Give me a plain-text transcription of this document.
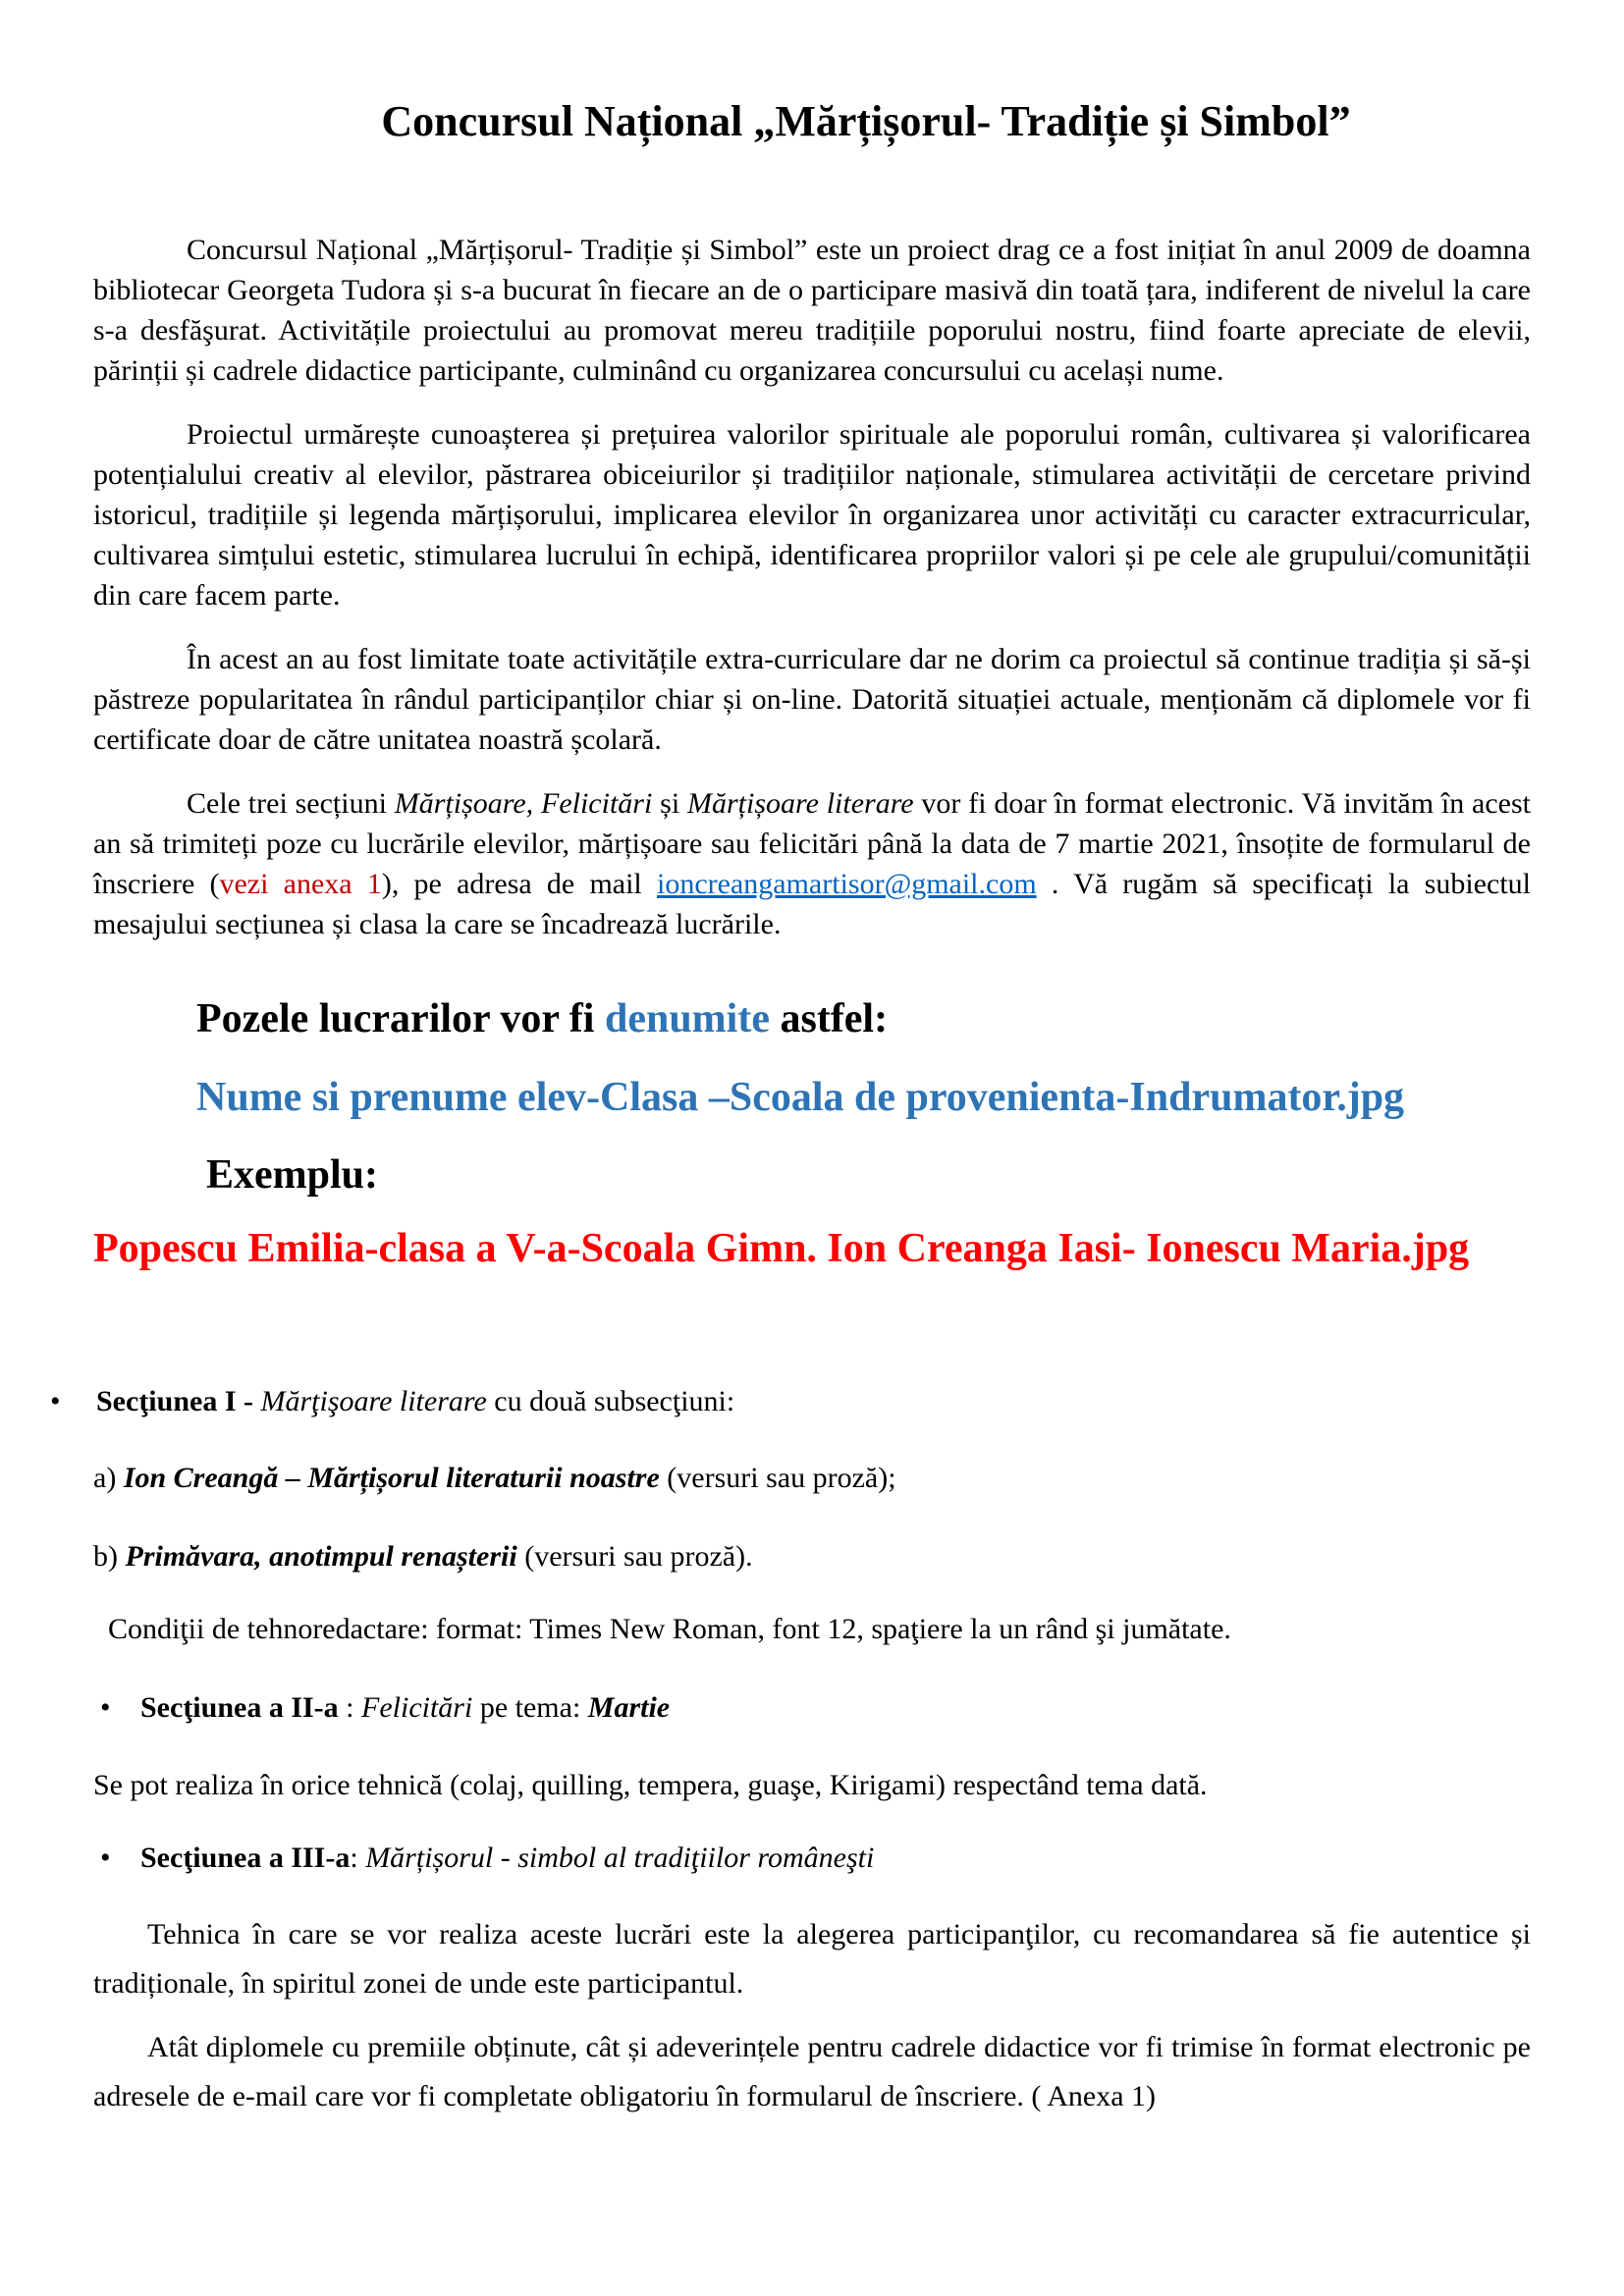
Concursul Național „Mărțișorul- Tradiție și Simbol”

Concursul Național „Mărțișorul- Tradiție și Simbol” este un proiect drag ce a fost inițiat în anul 2009 de doamna bibliotecar Georgeta Tudora și s-a bucurat în fiecare an de o participare masivă din toată țara, indiferent de nivelul la care s-a desfăşurat. Activitățile proiectului au promovat mereu tradițiile poporului nostru, fiind foarte apreciate de elevii, părinții și cadrele didactice participante, culminând cu organizarea concursului cu același nume.

Proiectul urmărește cunoașterea și prețuirea valorilor spirituale ale poporului român, cultivarea și valorificarea potențialului creativ al elevilor, păstrarea obiceiurilor și tradițiilor naționale, stimularea activității de cercetare privind istoricul, tradițiile și legenda mărțișorului, implicarea elevilor în organizarea unor activități cu caracter extracurricular, cultivarea simțului estetic, stimularea lucrului în echipă, identificarea propriilor valori și pe cele ale grupului/comunității din care facem parte.

În acest an au fost limitate toate activitățile extra-curriculare dar ne dorim ca proiectul să continue tradiția și să-și păstreze popularitatea în rândul participanților chiar și on-line. Datorită situației actuale, menționăm că diplomele vor fi certificate doar de către unitatea noastră școlară.

Cele trei secțiuni Mărțișoare, Felicitări și Mărțișoare literare vor fi doar în format electronic. Vă invităm în acest an să trimiteți poze cu lucrările elevilor, mărțișoare sau felicitări până la data de 7 martie 2021, însoțite de formularul de înscriere (vezi anexa 1), pe adresa de mail ioncreangamartisor@gmail.com . Vă rugăm să specificați la subiectul mesajului secțiunea și clasa la care se încadrează lucrările.

Pozele lucrarilor vor fi denumite astfel:

Nume si prenume elev-Clasa –Scoala de provenienta-Indrumator.jpg

Exemplu:

Popescu Emilia-clasa a V-a-Scoala Gimn. Ion Creanga Iasi- Ionescu Maria.jpg

• Secţiunea I - Mărţişoare literare cu două subsecţiuni:

a) Ion Creangă – Mărțișorul literaturii noastre (versuri sau proză);

b) Primăvara, anotimpul renașterii (versuri sau proză).

Condiţii de tehnoredactare: format: Times New Roman, font 12, spaţiere la un rând şi jumătate.

• Secţiunea a II-a : Felicitări pe tema: Martie

Se pot realiza în orice tehnică (colaj, quilling, tempera, guaşe, Kirigami) respectând tema dată.

• Secţiunea a III-a: Mărțișorul - simbol al tradiţiilor româneşti

Tehnica în care se vor realiza aceste lucrări este la alegerea participanţilor, cu recomandarea să fie autentice și tradiționale, în spiritul zonei de unde este participantul.

Atât diplomele cu premiile obținute, cât și adeverințele pentru cadrele didactice vor fi trimise în format electronic pe adresele de e-mail care vor fi completate obligatoriu în formularul de înscriere. ( Anexa 1)
